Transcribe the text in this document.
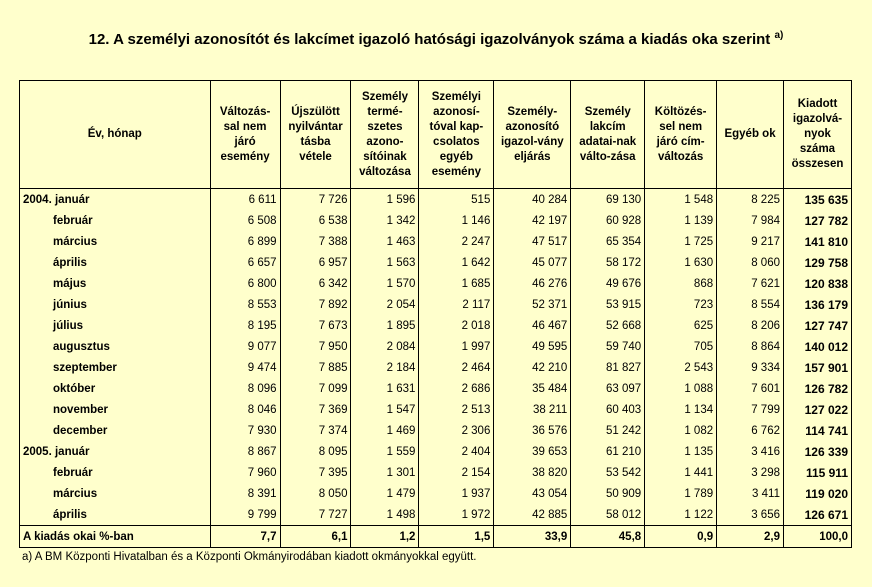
12. A személyi azonosítót és lakcímet igazoló hatósági igazolványok száma a kiadás oka szerint $^{a)}$
Év, hónap	Változás-sal nem járó esemény	Újszülött nyilvántar tásba vétele	Személy termé-szetes azono-sítóinak változása	Személyi azonosí-tóval kap-csolatos egyéb esemény	Személy-azonosító igazol-vány eljárás	Személy lakcím adatai-nak válto-zása	Költözés-sel nem járó cím-változás	Egyéb ok	Kiadott igazolvá-nyok száma összesen
2004. január	6 611	7 726	1 596	515	40 284	69 130	1 548	8 225	135 635
február	6 508	6 538	1 342	1 146	42 197	60 928	1 139	7 984	127 782
március	6 899	7 388	1 463	2 247	47 517	65 354	1 725	9 217	141 810
április	6 657	6 957	1 563	1 642	45 077	58 172	1 630	8 060	129 758
május	6 800	6 342	1 570	1 685	46 276	49 676	868	7 621	120 838
június	8 553	7 892	2 054	2 117	52 371	53 915	723	8 554	136 179
július	8 195	7 673	1 895	2 018	46 467	52 668	625	8 206	127 747
augusztus	9 077	7 950	2 084	1 997	49 595	59 740	705	8 864	140 012
szeptember	9 474	7 885	2 184	2 464	42 210	81 827	2 543	9 334	157 901
október	8 096	7 099	1 631	2 686	35 484	63 097	1 088	7 601	126 782
november	8 046	7 369	1 547	2 513	38 211	60 403	1 134	7 799	127 022
december	7 930	7 374	1 469	2 306	36 576	51 242	1 082	6 762	114 741
2005. január	8 867	8 095	1 559	2 404	39 653	61 210	1 135	3 416	126 339
február	7 960	7 395	1 301	2 154	38 820	53 542	1 441	3 298	115 911
március	8 391	8 050	1 479	1 937	43 054	50 909	1 789	3 411	119 020
április	9 799	7 727	1 498	1 972	42 885	58 012	1 122	3 656	126 671
A kiadás okai %-ban	7,7	6,1	1,2	1,5	33,9	45,8	0,9	2,9	100,0
a) A BM Központi Hivatalban és a Központi Okmányirodában kiadott okmányokkal együtt.
